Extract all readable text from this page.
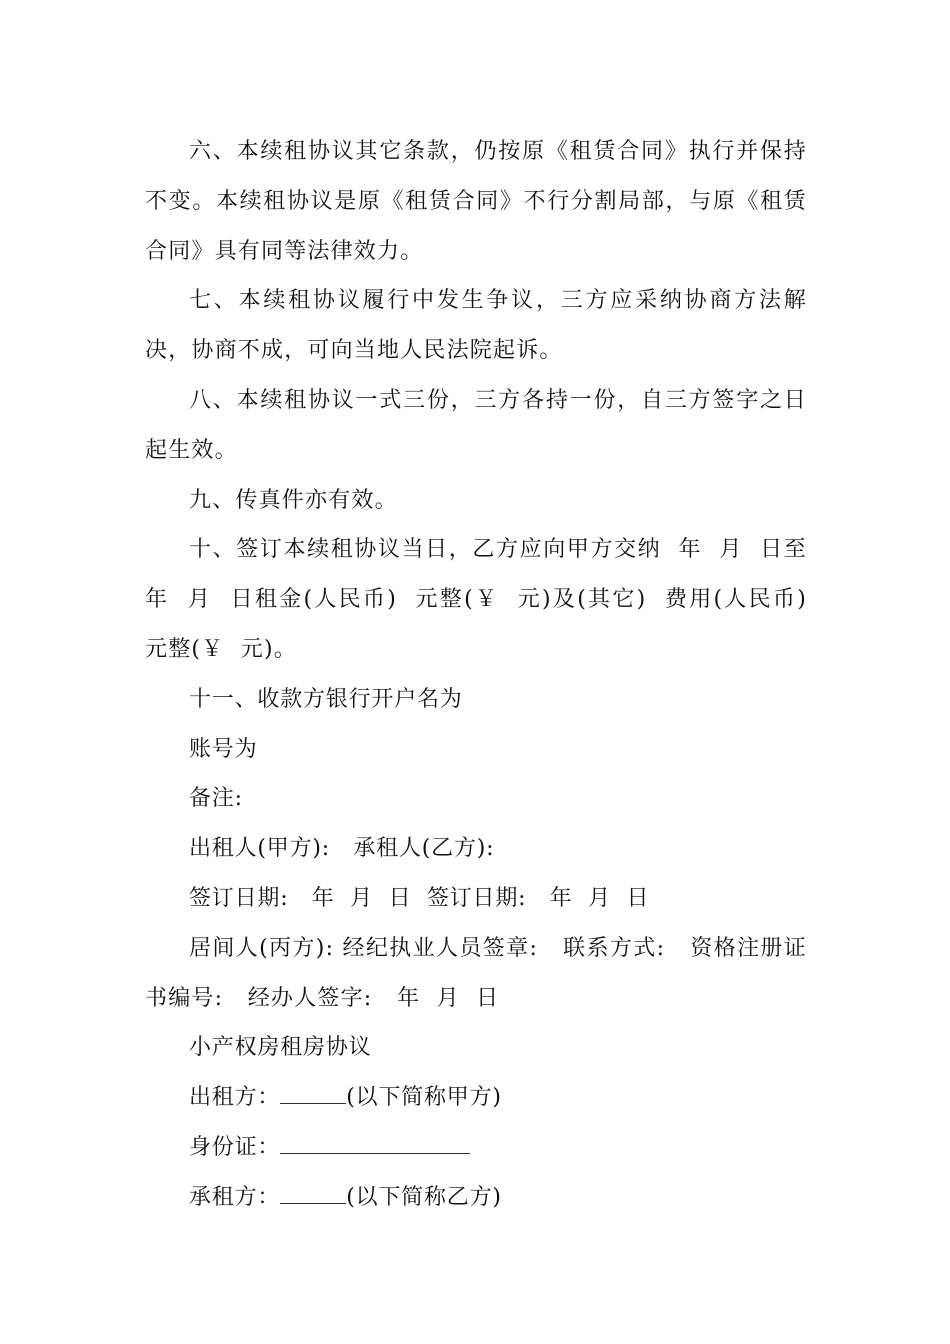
六、本续租协议其它条款，仍按原《租赁合同》执行并保持不变。本续租协议是原《租赁合同》不行分割局部，与原《租赁合同》具有同等法律效力。

七、本续租协议履行中发生争议，三方应采纳协商方法解决，协商不成，可向当地人民法院起诉。

八、本续租协议一式三份，三方各持一份，自三方签字之日起生效。

九、传真件亦有效。

十、签订本续租协议当日，乙方应向甲方交纳  年  月  日至  年  月  日租金(人民币)  元整(￥  元)及(其它)  费用(人民币)  元整(￥  元)。

十一、收款方银行开户名为

账号为

备注:

出租人(甲方):   承租人(乙方):

签订日期:   年  月  日  签订日期:   年  月  日

居间人(丙方): 经纪执业人员签章:   联系方式:   资格注册证书编号:   经办人签字:   年  月  日

小产权房租房协议

出租方：	(以下简称甲方)

身份证：

承租方：	(以下简称乙方)
